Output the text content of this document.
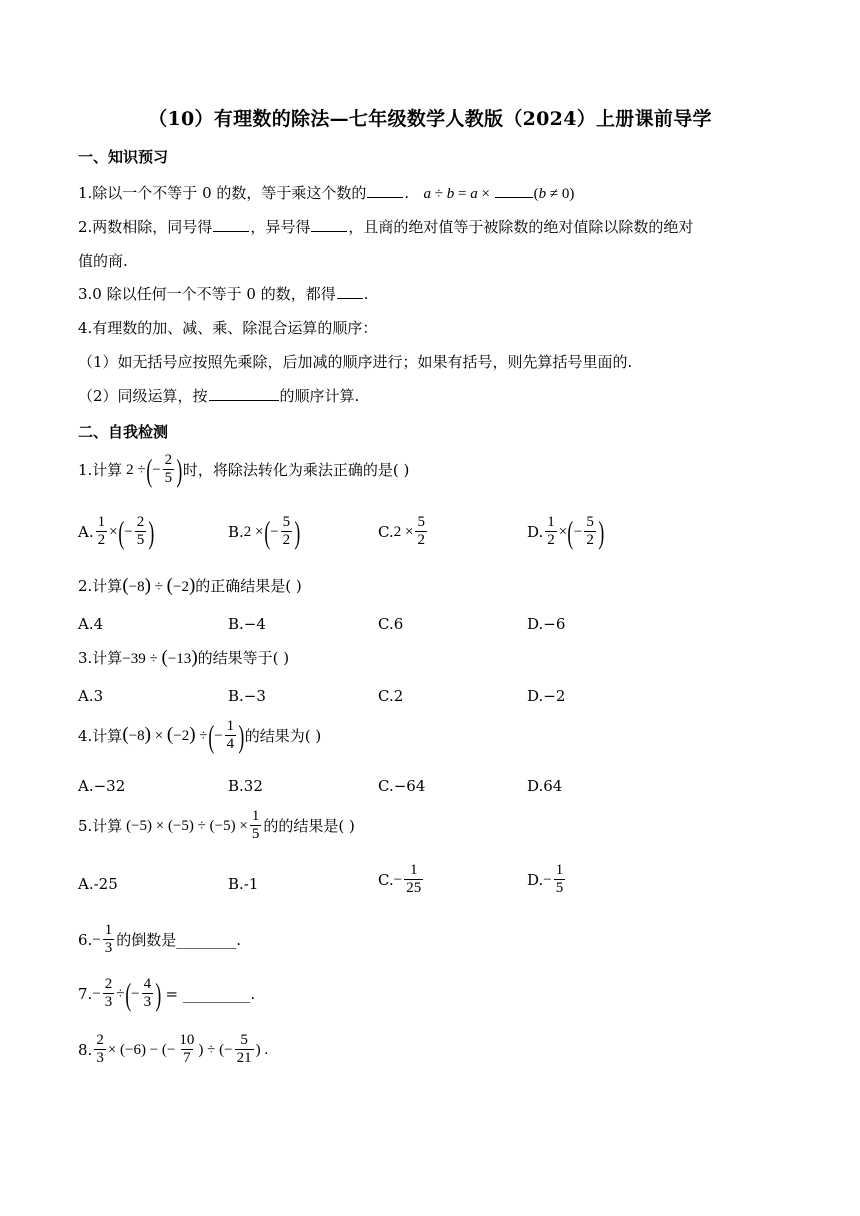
（10）有理数的除法—七年级数学人教版（2024）上册课前导学
一、知识预习
1.除以一个不等于 0 的数，等于乘这个数的	.   a ÷ b = a ×	(b ≠ 0)
2.两数相除，同号得	，异号得	，且商的绝对值等于被除数的绝对值除以除数的绝对
值的商.
3.0 除以任何一个不等于 0 的数，都得 .
4.有理数的加、减、乘、除混合运算的顺序：
（1）如无括号应按照先乘除，后加减的顺序进行；如果有括号，则先算括号里面的.
（2）同级运算，按	的顺序计算.
二、自我检测
1.计算 2 ÷ ( − $\frac{2}{5}$ ) 时，将除法转化为乘法正确的是( )
A. $\frac{1}{2}$ × ( − $\frac{2}{5}$ )	B. 2 × ( − $\frac{5}{2}$ )	C. $2 \times \frac{5}{2}$	D. $\frac{1}{2}$ × ( − $\frac{5}{2}$ )
2.计算(−8) ÷ (−2)的正确结果是( )
A.4	B.−4	C.6	D.−6
3.计算−39 ÷ (−13)的结果等于( )
A.3	B.−3	C.2	D.−2
4.计算 (−8) × (−2) ÷ ( − $\frac{1}{4}$ ) 的结果为( )
A.−32	B.32	C.−64	D.64
5.计算 $(-5) \times (-5) \div (-5) \times \frac{1}{5}$ 的的结果是( )
A.-25	B.-1	C. − $\frac{1}{25}$	D. − $\frac{1}{5}$
6. − $\frac{1}{3}$ 的倒数是________.
7. − $\frac{2}{3}$ ÷ ( − $\frac{4}{3}$ )
= _________.
8. $\frac{2}{3} \times (-6)$ − (− $\frac{10}{7}$ ) ÷ (− $\frac{5}{21}$ ) .
